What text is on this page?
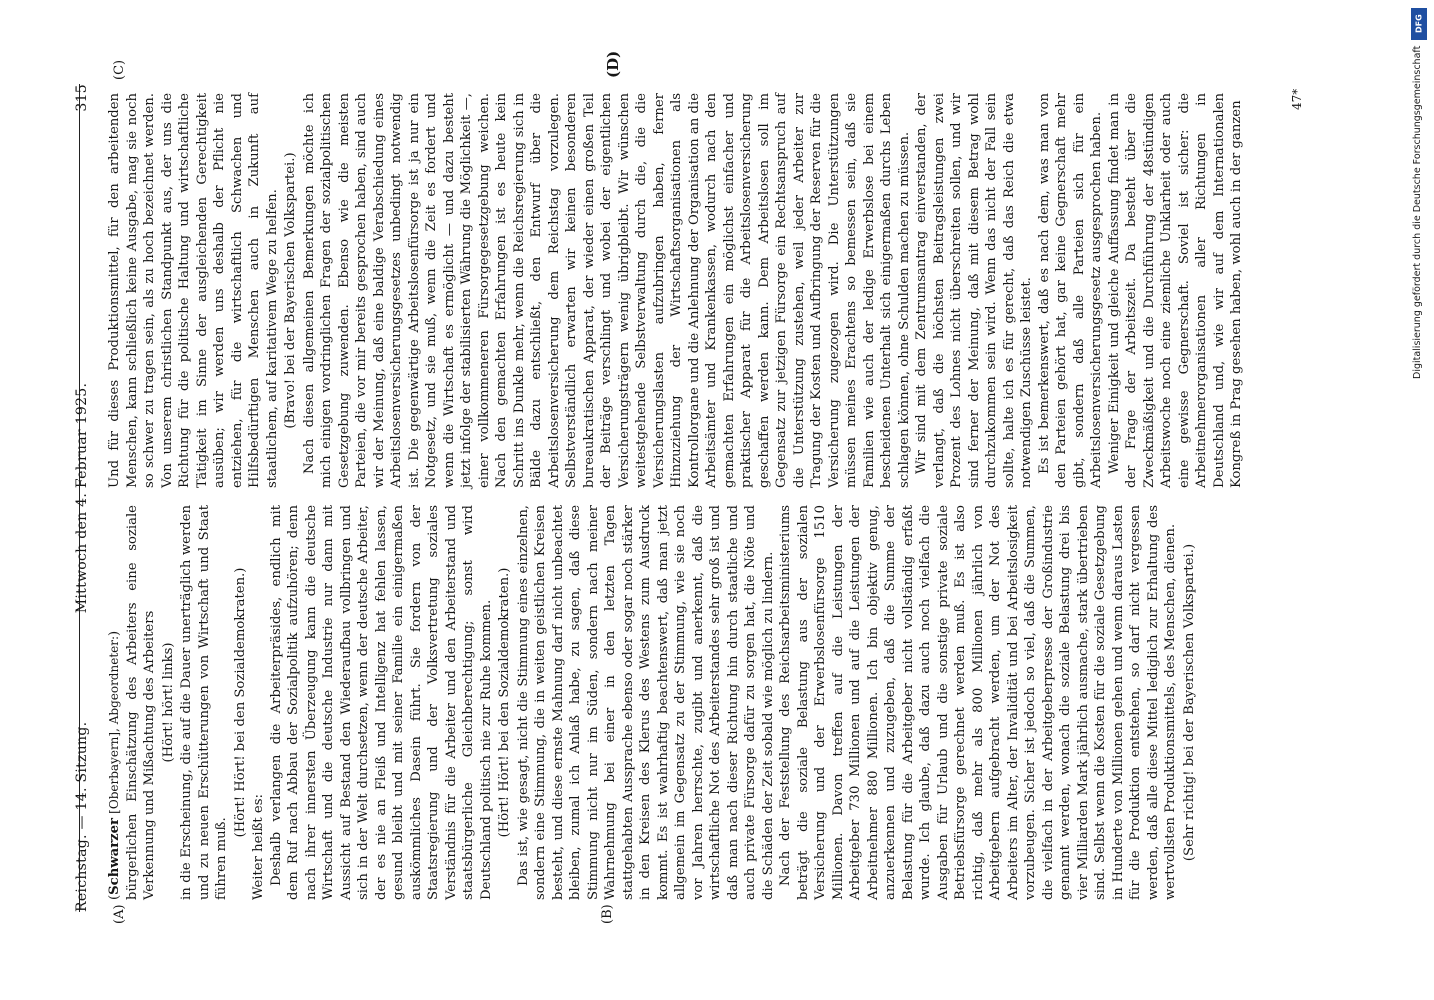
Reichstag. — 14. Sitzung.
Mittwoch den 4. Februar 1925.
315
(A)	(B)
(C)	(D)

(Schwarzer [Oberbayern], Abgeordneter:) bürgerlichen Einschätzung des Arbeiters eine soziale Verkennung und Mißachtung des Arbeiters (Hört! hört! links) in die Erscheinung, die auf die Dauer unerträglich werden und zu neuen Erschütterungen von Wirtschaft und Staat führen muß.

(Hört! Hört! bei den Sozialdemokraten.)

Weiter heißt es: Deshalb verlangen die Arbeiterpräsides, endlich mit dem Ruf nach Abbau der Sozialpolitik aufzuhören; denn nach ihrer innersten Überzeugung kann die deutsche Wirtschaft und die deutsche Industrie nur dann mit Aussicht auf Bestand den Wiederaufbau vollbringen und sich in der Welt durchsetzen, wenn der deutsche Arbeiter, der es nie an Fleiß und Intelligenz hat fehlen lassen, gesund bleibt und mit seiner Familie ein einigermaßen auskömmliches Dasein führt. Sie fordern von der Staatsregierung und der Volksvertretung soziales Verständnis für die Arbeiter und den Arbeiterstand und staatsbürgerliche Gleichberechtigung; sonst wird Deutschland politisch nie zur Ruhe kommen. (Hört! Hört! bei den Sozialdemokraten.) Das ist, wie gesagt, nicht die Stimmung eines einzelnen, sondern eine Stimmung, die in weiten geistlichen Kreisen besteht, und diese ernste Mahnung darf nicht unbeachtet bleiben, zumal ich Anlaß habe, zu sagen, daß diese Stimmung nicht nur im Süden, sondern nach meiner Wahrnehmung bei einer in den letzten Tagen stattgehabten Aussprache ebenso oder sogar noch stärker in den Kreisen des Klerus des Westens zum Ausdruck kommt. Es ist wahrhaftig beachtenswert, daß man jetzt allgemein im Gegensatz zu der Stimmung, wie sie noch vor Jahren herrschte, zugibt und anerkennt, daß die wirtschaftliche Not des Arbeiterstandes sehr groß ist und daß man nach dieser Richtung hin durch staatliche und auch private Fürsorge dafür zu sorgen hat, die Nöte und die Schäden der Zeit sobald wie möglich zu lindern. Nach der Feststellung des Reichsarbeitsministeriums beträgt die soziale Belastung aus der sozialen Versicherung und der Erwerbslosenfürsorge 1510 Millionen. Davon treffen auf die Leistungen der Arbeitgeber 730 Millionen und auf die Leistungen der Arbeitnehmer 880 Millionen. Ich bin objektiv genug, anzuerkennen und zuzugeben, daß die Summe der Belastung für die Arbeitgeber nicht vollständig erfaßt wurde. Ich glaube, daß dazu auch noch vielfach die Ausgaben für Urlaub und die sonstige private soziale Betriebsfürsorge gerechnet werden muß. Es ist also richtig, daß mehr als 800 Millionen jährlich von Arbeitgebern aufgebracht werden, um der Not des Arbeiters im Alter, der Invalidität und bei Arbeitslosigkeit vorzubeugen. Sicher ist jedoch so viel, daß die Summen, die vielfach in der Arbeitgeberpresse der Großindustrie genannt werden, wonach die soziale Belastung drei bis vier Milliarden Mark jährlich ausmache, stark übertrieben sind. Selbst wenn die Kosten für die soziale Gesetzgebung in Hunderte von Millionen gehen und wenn daraus Lasten für die Produktion entstehen, so darf nicht vergessen werden, daß alle diese Mittel lediglich zur Erhaltung des wertvollsten Produktionsmittels, des Menschen, dienen. (Sehr richtig! bei der Bayerischen Volkspartei.)

Und für dieses Produktionsmittel, für den arbeitenden Menschen, kann schließlich keine Ausgabe, mag sie noch so schwer zu tragen sein, als zu hoch bezeichnet werden. Von unserem christlichen Standpunkt aus, der uns die Richtung für die politische Haltung und wirtschaftliche Tätigkeit im Sinne der ausgleichenden Gerechtigkeit ausüben; wir werden uns deshalb der Pflicht nie entziehen, für die wirtschaftlich Schwachen und Hilfsbedürftigen Menschen auch in Zukunft auf staatlichem, auf karitativem Wege zu helfen. (Bravo! bei der Bayerischen Volkspartei.) Nach diesen allgemeinen Bemerkungen möchte ich mich einigen vordringlichen Fragen der sozialpolitischen Gesetzgebung zuwenden. Ebenso wie die meisten Parteien, die vor mir bereits gesprochen haben, sind auch wir der Meinung, daß eine baldige Verabschiedung eines Arbeitslosenversicherungsgesetzes unbedingt notwendig ist. Die gegenwärtige Arbeitslosenfürsorge ist ja nur ein Notgesetz, und sie muß, wenn die Zeit es fordert und wenn die Wirtschaft es ermöglicht — und dazu besteht jetzt infolge der stabilisierten Währung die Möglichkeit —, einer vollkommeneren Fürsorgegesetzgebung weichen. Nach den gemachten Erfahrungen ist es heute kein Schritt ins Dunkle mehr, wenn die Reichsregierung sich in Bälde dazu entschließt, den Entwurf über die Arbeitslosenversicherung dem Reichstag vorzulegen. Selbstverständlich erwarten wir keinen besonderen bureaukratischen Apparat, der wieder einen großen Teil der Beiträge verschlingt und wobei der eigentlichen Versicherungsträgern wenig übrigbleibt. Wir wünschen weitestgehende Selbstverwaltung durch die, die die Versicherungslasten aufzubringen haben, ferner Hinzuziehung der Wirtschaftsorganisationen als Kontrollorgane und die Anlehnung der Organisation an die Arbeitsämter und Krankenkassen, wodurch nach den gemachten Erfahrungen ein möglichst einfacher und praktischer Apparat für die Arbeitslosenversicherung geschaffen werden kann. Dem Arbeitslosen soll im Gegensatz zur jetzigen Fürsorge ein Rechtsanspruch auf die Unterstützung zustehen, weil jeder Arbeiter zur Tragung der Kosten und Aufbringung der Reserven für die Versicherung zugezogen wird. Die Unterstützungen müssen meines Erachtens so bemessen sein, daß sie Familien wie auch der ledige Erwerbslose bei einem bescheidenen Unterhalt sich einigermaßen durchs Leben schlagen können, ohne Schulden machen zu müssen. Wir sind mit dem Zentrumsantrag einverstanden, der verlangt, daß die höchsten Beitragsleistungen zwei Prozent des Lohnes nicht überschreiten sollen, und wir sind ferner der Meinung, daß mit diesem Betrag wohl durchzukommen sein wird. Wenn das nicht der Fall sein sollte, halte ich es für gerecht, daß das Reich die etwa notwendigen Zuschüsse leistet. Es ist bemerkenswert, daß es nach dem, was man von den Parteien gehört hat, gar keine Gegnerschaft mehr gibt, sondern daß alle Parteien sich für ein Arbeitslosenversicherungsgesetz ausgesprochen haben. Weniger Einigkeit und gleiche Auffassung findet man in der Frage der Arbeitszeit. Da besteht über die Zweckmäßigkeit und die Durchführung der 48stündigen Arbeitswoche noch eine ziemliche Unklarheit oder auch eine gewisse Gegnerschaft. Soviel ist sicher: die Arbeitnehmerorganisationen aller Richtungen in Deutschland und, wie wir auf dem Internationalen Kongreß in Prag gesehen haben, wohl auch in der ganzen

47*
DFG
Digitalisierung gefördert durch die Deutsche Forschungsgemeinschaft
